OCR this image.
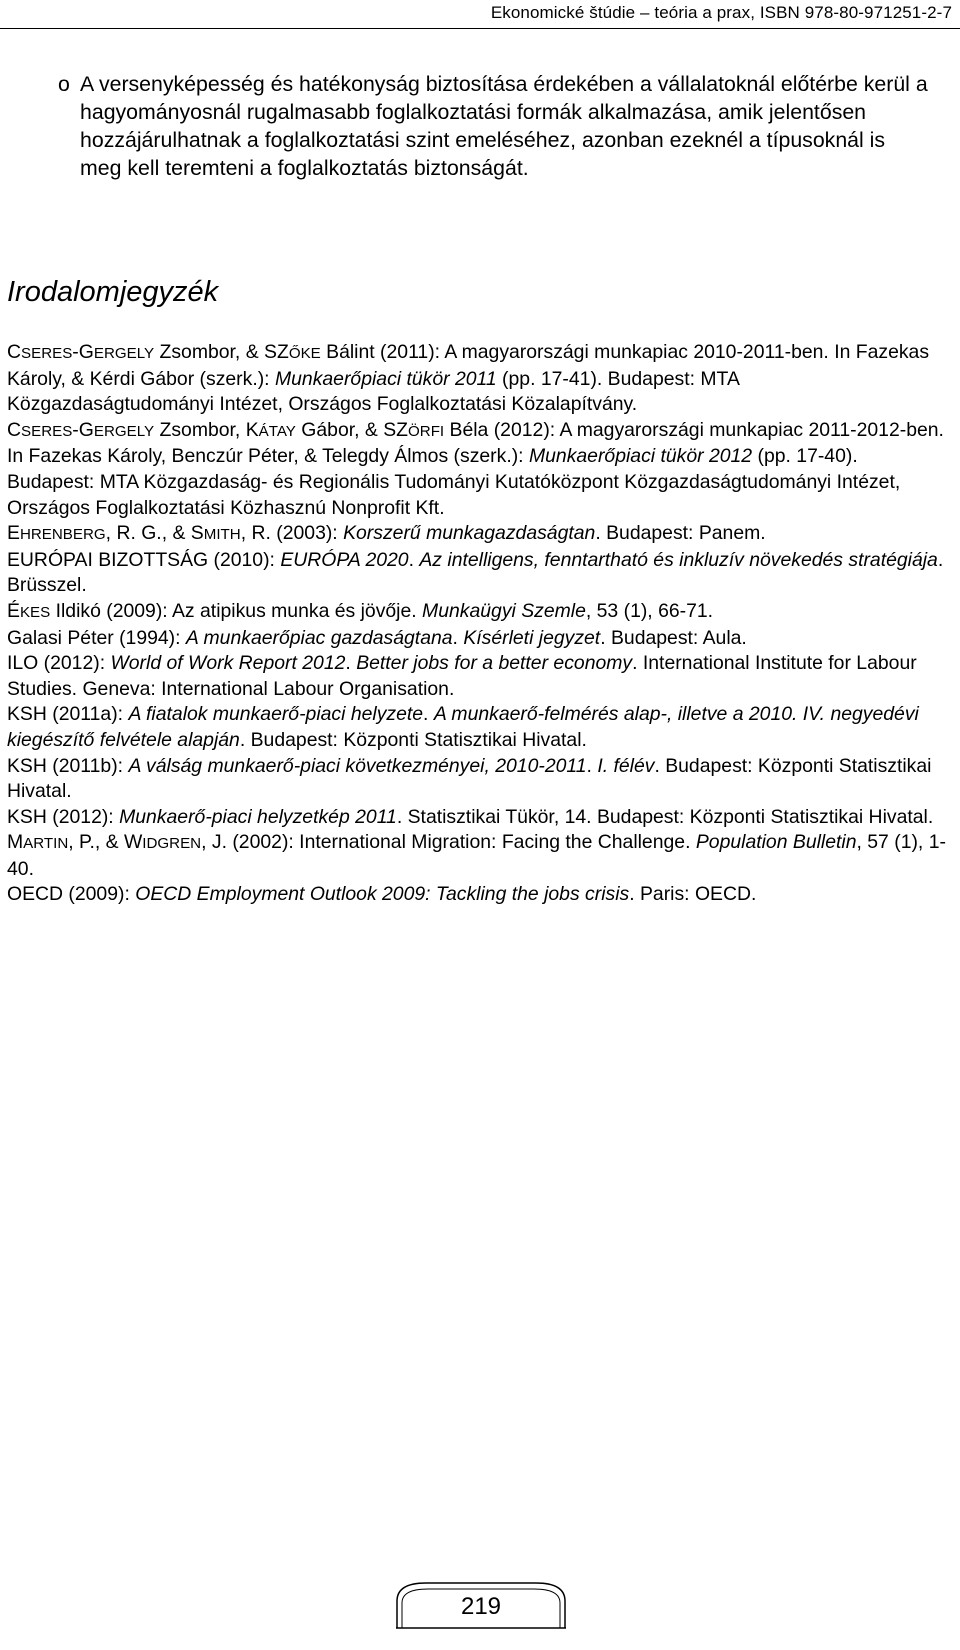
Ekonomické štúdie – teória a prax, ISBN 978-80-971251-2-7
o A versenyképesség és hatékonyság biztosítása érdekében a vállalatoknál előtérbe kerül a hagyományosnál rugalmasabb foglalkoztatási formák alkalmazása, amik jelentősen hozzájárulhatnak a foglalkoztatási szint emeléséhez, azonban ezeknél a típusoknál is meg kell teremteni a foglalkoztatás biztonságát.
Irodalomjegyzék

CSERES-GERGELY Zsombor, & SZŐKE Bálint (2011): A magyarországi munkapiac 2010-2011-ben. In Fazekas Károly, & Kérdi Gábor (szerk.): Munkaerőpiaci tükör 2011 (pp. 17-41). Budapest: MTA Közgazdaságtudományi Intézet, Országos Foglalkoztatási Közalapítvány.

CSERES-GERGELY Zsombor, KÁTAY Gábor, & SZÖRFI Béla (2012): A magyarországi munkapiac 2011-2012-ben. In Fazekas Károly, Benczúr Péter, & Telegdy Álmos (szerk.): Munkaerőpiaci tükör 2012 (pp. 17-40). Budapest: MTA Közgazdaság- és Regionális Tudományi Kutatóközpont Közgazdaságtudományi Intézet, Országos Foglalkoztatási Közhasznú Nonprofit Kft.

EHRENBERG, R. G., & SMITH, R. (2003): Korszerű munkagazdaságtan. Budapest: Panem.

EURÓPAI BIZOTTSÁG (2010): EURÓPA 2020. Az intelligens, fenntartható és inkluzív növekedés stratégiája. Brüsszel.

ÉKES Ildikó (2009): Az atipikus munka és jövője. Munkaügyi Szemle, 53 (1), 66-71.

Galasi Péter (1994): A munkaerőpiac gazdaságtana. Kísérleti jegyzet. Budapest: Aula.

ILO (2012): World of Work Report 2012. Better jobs for a better economy. International Institute for Labour Studies. Geneva: International Labour Organisation.

KSH (2011a): A fiatalok munkaerő-piaci helyzete. A munkaerő-felmérés alap-, illetve a 2010. IV. negyedévi kiegészítő felvétele alapján. Budapest: Központi Statisztikai Hivatal.

KSH (2011b): A válság munkaerő-piaci következményei, 2010-2011. I. félév. Budapest: Központi Statisztikai Hivatal.

KSH (2012): Munkaerő-piaci helyzetkép 2011. Statisztikai Tükör, 14. Budapest: Központi Statisztikai Hivatal.

MARTIN, P., & WIDGREN, J. (2002): International Migration: Facing the Challenge. Population Bulletin, 57 (1), 1-40.

OECD (2009): OECD Employment Outlook 2009: Tackling the jobs crisis. Paris: OECD.

219
